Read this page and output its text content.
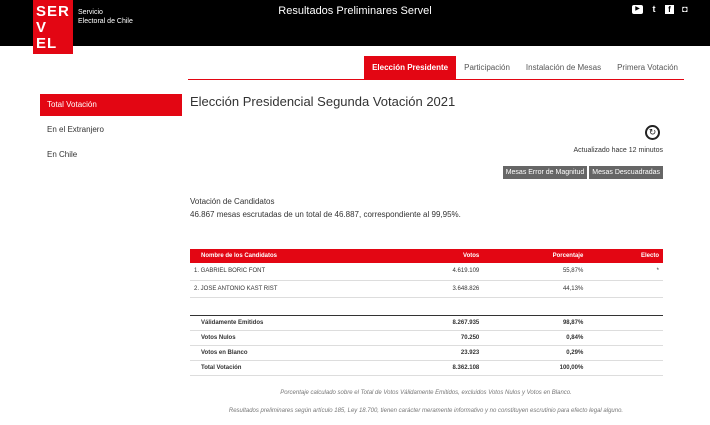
Resultados Preliminares Servel
Servicio
Electoral de Chile
▶	t	f	◘
SER
V
EL
Elección Presidente	Participación	Instalación de Mesas	Primera Votación
Total Votación
En el Extranjero
En Chile
Elección Presidencial Segunda Votación 2021
↻
Actualizado hace 12 minutos
Mesas Error de Magnitud	Mesas Descuadradas
Votación de Candidatos
46.867 mesas escrutadas de un total de 46.887, correspondiente al 99,95%.
Nombre de los Candidatos	Votos	Porcentaje	Electo
1. GABRIEL BORIC FONT	4.619.109	55,87%	*
2. JOSE ANTONIO KAST RIST	3.648.826	44,13%	
Válidamente Emitidos	8.267.935	98,87%	
Votos Nulos	70.250	0,84%	
Votos en Blanco	23.923	0,29%	
Total Votación	8.362.108	100,00%	
Porcentaje calculado sobre el Total de Votos Válidamente Emitidos, excluidos Votos Nulos y Votos en Blanco.
Resultados preliminares según artículo 185, Ley 18.700, tienen carácter meramente informativo y no constituyen escrutinio para efecto legal alguno.
